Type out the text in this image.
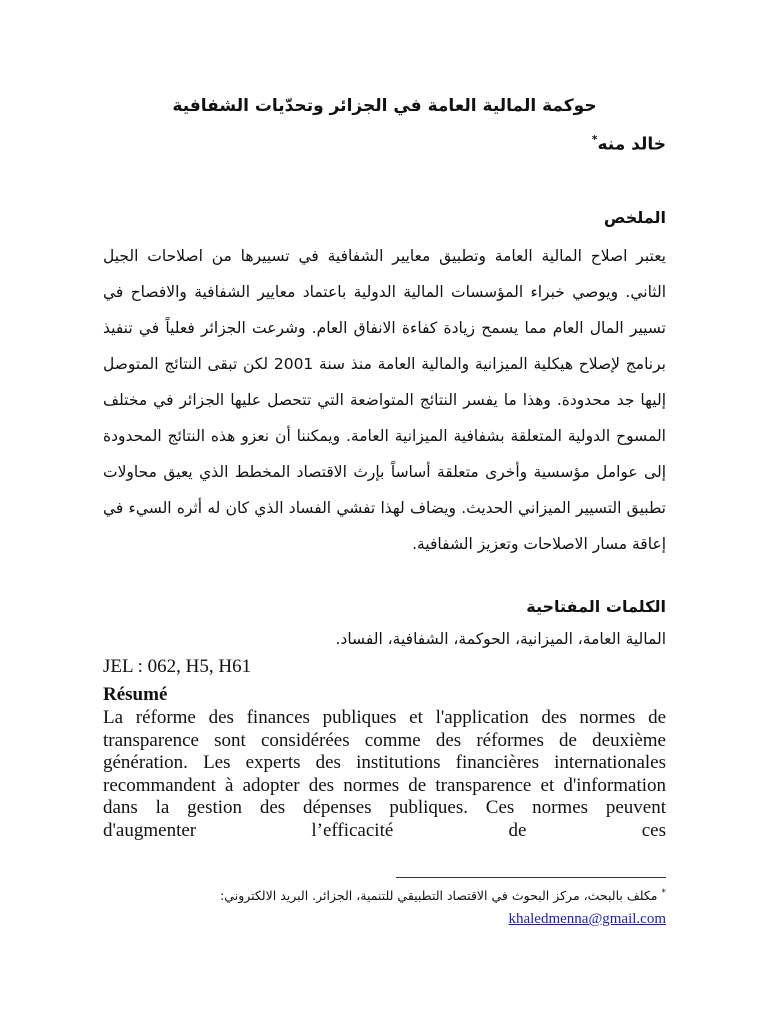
حوكمة المالية العامة في الجزائر وتحدّيات الشفافية
خالد منه*
الملخص
يعتبر اصلاح المالية العامة وتطبيق معايير الشفافية في تسييرها من اصلاحات الجيل الثاني. ويوصي خبراء المؤسسات المالية الدولية باعتماد معايير الشفافية والافصاح في تسيير المال العام مما يسمح زيادة كفاءة الانفاق العام. وشرعت الجزائر فعلياً في تنفيذ برنامج لإصلاح هيكلية الميزانية والمالية العامة منذ سنة 2001 لكن تبقى النتائج المتوصل إليها جد محدودة. وهذا ما يفسر النتائج المتواضعة التي تتحصل عليها الجزائر في مختلف المسوح الدولية المتعلقة بشفافية الميزانية العامة. ويمكننا أن نعزو هذه النتائج المحدودة إلى عوامل مؤسسية وأخرى متعلقة أساساً بإرث الاقتصاد المخطط الذي يعيق محاولات تطبيق التسيير الميزاني الحديث. ويضاف لهذا تفشي الفساد الذي كان له أثره السيء في إعاقة مسار الاصلاحات وتعزيز الشفافية.
الكلمات المفتاحية
المالية العامة، الميزانية، الحوكمة، الشفافية، الفساد.
JEL : 062, H5, H61
Résumé
La réforme des finances publiques et l'application des normes de transparence sont considérées comme des réformes de deuxième génération. Les experts des institutions financières internationales recommandent à adopter des normes de transparence et d'information dans la gestion des dépenses publiques. Ces normes peuvent d'augmenter l’efficacité de ces
* مكلف بالبحث، مركز البحوث في الاقتصاد التطبيقي للتنمية، الجزائر. البريد الالكتروني:
khaledmenna@gmail.com
